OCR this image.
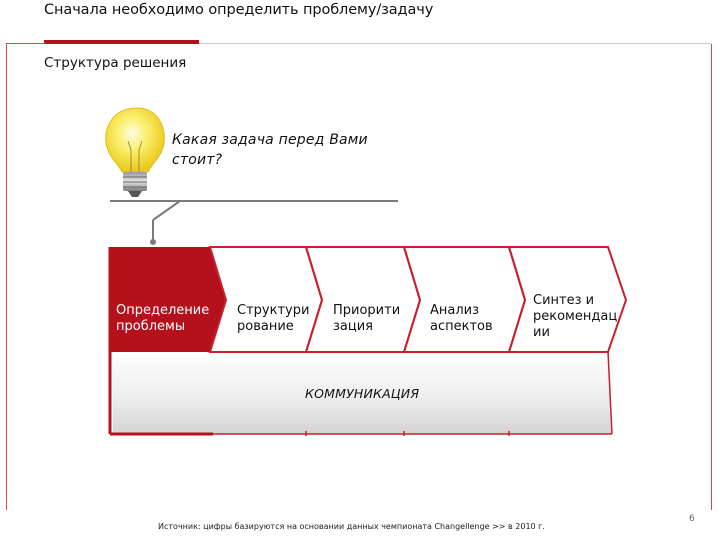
Сначала необходимо определить проблему/задачу
Структура решения
Какая задача перед Вами
стоит?
Определение
проблемы
Структури
рование
Приорити
зация
Анализ
аспектов
Синтез и
рекомендац
ии
КОММУНИКАЦИЯ
Источник: цифры базируются на основании данных чемпионата Changellenge >> в 2010 г.
6
